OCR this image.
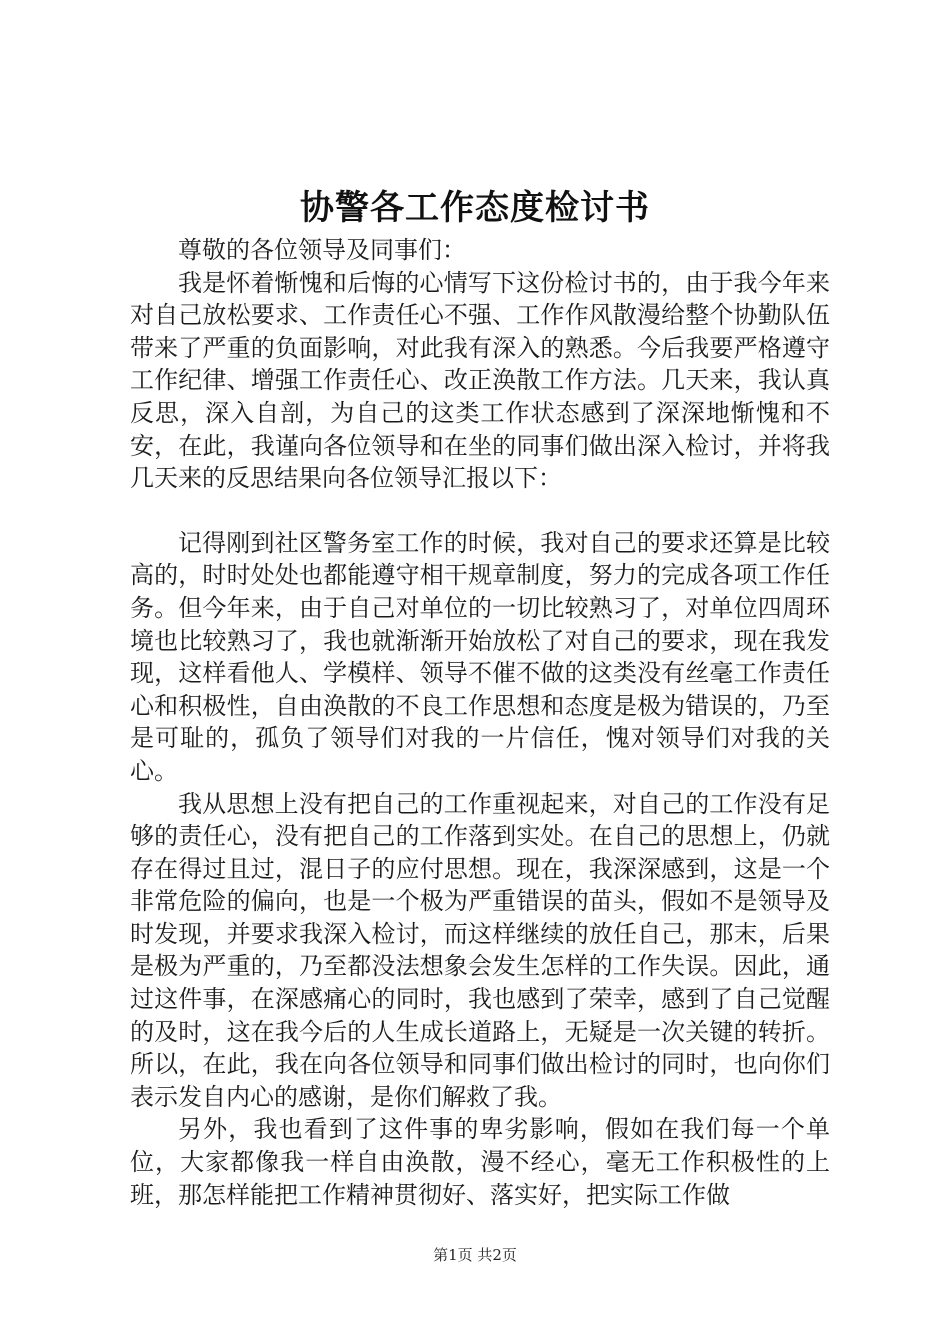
协警各工作态度检讨书

尊敬的各位领导及同事们：

我是怀着惭愧和后悔的心情写下这份检讨书的，由于我今年来对自己放松要求、工作责任心不强、工作作风散漫给整个协勤队伍带来了严重的负面影响，对此我有深入的熟悉。今后我要严格遵守工作纪律、增强工作责任心、改正涣散工作方法。几天来，我认真反思，深入自剖，为自己的这类工作状态感到了深深地惭愧和不安，在此，我谨向各位领导和在坐的同事们做出深入检讨，并将我几天来的反思结果向各位领导汇报以下：

记得刚到社区警务室工作的时候，我对自己的要求还算是比较高的，时时处处也都能遵守相干规章制度，努力的完成各项工作任务。但今年来，由于自己对单位的一切比较熟习了，对单位四周环境也比较熟习了，我也就渐渐开始放松了对自己的要求，现在我发现，这样看他人、学模样、领导不催不做的这类没有丝毫工作责任心和积极性，自由涣散的不良工作思想和态度是极为错误的，乃至是可耻的，孤负了领导们对我的一片信任，愧对领导们对我的关心。

我从思想上没有把自己的工作重视起来，对自己的工作没有足够的责任心，没有把自己的工作落到实处。在自己的思想上，仍就存在得过且过，混日子的应付思想。现在，我深深感到，这是一个非常危险的偏向，也是一个极为严重错误的苗头，假如不是领导及时发现，并要求我深入检讨，而这样继续的放任自己，那末，后果是极为严重的，乃至都没法想象会发生怎样的工作失误。因此，通过这件事，在深感痛心的同时，我也感到了荣幸，感到了自己觉醒的及时，这在我今后的人生成长道路上，无疑是一次关键的转折。所以，在此，我在向各位领导和同事们做出检讨的同时，也向你们表示发自内心的感谢，是你们解救了我。

另外，我也看到了这件事的卑劣影响，假如在我们每一个单位，大家都像我一样自由涣散，漫不经心，毫无工作积极性的上班，那怎样能把工作精神贯彻好、落实好，把实际工作做

第1页 共2页
